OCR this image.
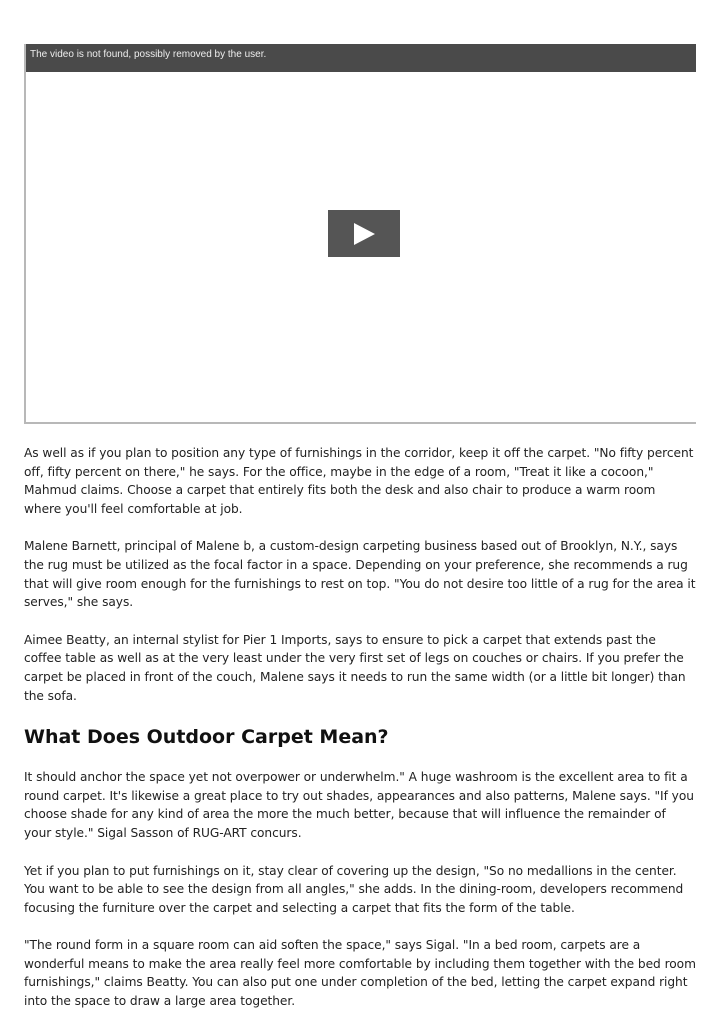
The video is not found, possibly removed by the user.

As well as if you plan to position any type of furnishings in the corridor, keep it off the carpet. "No fifty percent off, fifty percent on there," he says. For the office, maybe in the edge of a room, "Treat it like a cocoon," Mahmud claims. Choose a carpet that entirely fits both the desk and also chair to produce a warm room where you'll feel comfortable at job.

Malene Barnett, principal of Malene b, a custom-design carpeting business based out of Brooklyn, N.Y., says the rug must be utilized as the focal factor in a space. Depending on your preference, she recommends a rug that will give room enough for the furnishings to rest on top. "You do not desire too little of a rug for the area it serves," she says.

Aimee Beatty, an internal stylist for Pier 1 Imports, says to ensure to pick a carpet that extends past the coffee table as well as at the very least under the very first set of legs on couches or chairs. If you prefer the carpet be placed in front of the couch, Malene says it needs to run the same width (or a little bit longer) than the sofa.

What Does Outdoor Carpet Mean?

It should anchor the space yet not overpower or underwhelm." A huge washroom is the excellent area to fit a round carpet. It's likewise a great place to try out shades, appearances and also patterns, Malene says. "If you choose shade for any kind of area the more the much better, because that will influence the remainder of your style." Sigal Sasson of RUG-ART concurs.

Yet if you plan to put furnishings on it, stay clear of covering up the design, "So no medallions in the center. You want to be able to see the design from all angles," she adds. In the dining-room, developers recommend focusing the furniture over the carpet and selecting a carpet that fits the form of the table.

"The round form in a square room can aid soften the space," says Sigal. "In a bed room, carpets are a wonderful means to make the area really feel more comfortable by including them together with the bed room furnishings," claims Beatty. You can also put one under completion of the bed, letting the carpet expand right into the space to draw a large area together.
